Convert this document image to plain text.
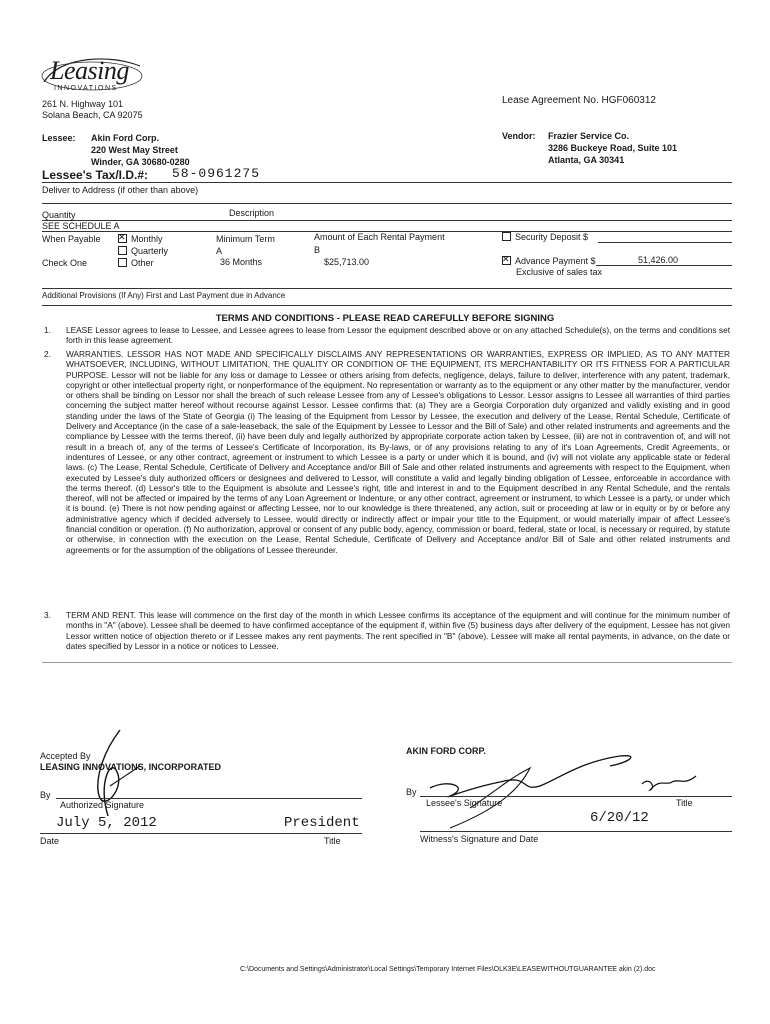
Leasing
INNOVATIONS
261 N. Highway 101
Solana Beach, CA 92075
Lease Agreement No. HGF060312
Lessee: Akin Ford Corp.
220 West May Street
Winder, GA 30680-0280
Vendor: Frazier Service Co.
3286 Buckeye Road, Suite 101
Atlanta, GA 30341
Lessee's Tax/I.D.#: 58-0961275
Deliver to Address (if other than above)
Quantity	Description
SEE SCHEDULE A
When Payable
✕	Monthly
Quarterly
Check One	Other
Minimum Term
A
36 Months
Amount of Each Rental Payment
B
$25,713.00
Security Deposit $
✕Advance Payment $	51,426.00
Exclusive of sales tax
Additional Provisions (If Any) First and Last Payment due in Advance
TERMS AND CONDITIONS - PLEASE READ CAREFULLY BEFORE SIGNING
1. LEASE Lessor agrees to lease to Lessee, and Lessee agrees to lease from Lessor the equipment described above or on any attached Schedule(s), on the terms and conditions set forth in this lease agreement.
2. WARRANTIES. LESSOR HAS NOT MADE AND SPECIFICALLY DISCLAIMS ANY REPRESENTATIONS OR WARRANTIES, EXPRESS OR IMPLIED, AS TO ANY MATTER WHATSOEVER, INCLUDING, WITHOUT LIMITATION, THE QUALITY OR CONDITION OF THE EQUIPMENT, ITS MERCHANTABILITY OR ITS FITNESS FOR A PARTICULAR PURPOSE. Lessor will not be liable for any loss or damage to Lessee or others arising from defects, negligence, delays, failure to deliver, interference with any patent, trademark, copyright or other intellectual property right, or nonperformance of the equipment. No representation or warranty as to the equipment or any other matter by the manufacturer, vendor or others shall be binding on Lessor nor shall the breach of such release Lessee from any of Lessee's obligations to Lessor. Lessor assigns to Lessee all warranties of third parties concerning the subject matter hereof without recourse against Lessor. Lessee confirms that: (a) They are a Georgia Corporation duly organized and validly existing and in good standing under the laws of the State of Georgia (i) The leasing of the Equipment from Lessor by Lessee, the execution and delivery of the Lease, Rental Schedule, Certificate of Delivery and Acceptance (in the case of a sale-leaseback, the sale of the Equipment by Lessee to Lessor and the Bill of Sale) and other related instruments and agreements and the compliance by Lessee with the terms thereof, (ii) have been duly and legally authorized by appropriate corporate action taken by Lessee, (iii) are not in contravention of, and will not result in a breach of, any of the terms of Lessee's Certificate of Incorporation, its By-laws, or of any provisions relating to any of it's Loan Agreements, Credit Agreements, or indentures of Lessee, or any other contract, agreement or instrument to which Lessee is a party or under which it is bound, and (iv) will not violate any applicable state or federal laws. (c) The Lease, Rental Schedule, Certificate of Delivery and Acceptance and/or Bill of Sale and other related instruments and agreements with respect to the Equipment, when executed by Lessee's duly authorized officers or designees and delivered to Lessor, will constitute a valid and legally binding obligation of Lessee, enforceable in accordance with the terms thereof. (d) Lessor's title to the Equipment is absolute and Lessee's right, title and interest in and to the Equipment described in any Rental Schedule, and the rentals thereof, will not be affected or impaired by the terms of any Loan Agreement or Indenture, or any other contract, agreement or instrument, to which Lessee is a party, or under which it is bound. (e) There is not now pending against or affecting Lessee, nor to our knowledge is there threatened, any action, suit or proceeding at law or in equity or by or before any administrative agency which if decided adversely to Lessee, would directly or indirectly affect or impair your title to the Equipment, or would materially impair of affect Lessee's financial condition or operation. (f) No authorization, approval or consent of any public body, agency, commission or board, federal, state or local, is necessary or required, by statute or otherwise, in connection with the execution on the Lease, Rental Schedule, Certificate of Delivery and Acceptance and/or Bill of Sale and other related instruments and agreements or for the assumption of the obligations of Lessee thereunder.
3. TERM AND RENT. This lease will commence on the first day of the month in which Lessee confirms its acceptance of the equipment and will continue for the minimum number of months in "A" (above). Lessee shall be deemed to have confirmed acceptance of the equipment if, within five (5) business days after delivery of the equipment, Lessee has not given Lessor written notice of objection thereto or if Lessee makes any rent payments. The rent specified in "B" (above). Lessee will make all rental payments, in advance, on the date or dates specified by Lessor in a notice or notices to Lessee.
Accepted By
LEASING INNOVATIONS, INCORPORATED
By
Authorized Signature
July 5, 2012	President
Date	Title
AKIN FORD CORP.
By
Lessee's Signature	Title
6/20/12
Witness's Signature and Date
C:\Documents and Settings\Administrator\Local Settings\Temporary Internet Files\OLK3E\LEASEWITHOUTGUARANTEE akin (2).doc
